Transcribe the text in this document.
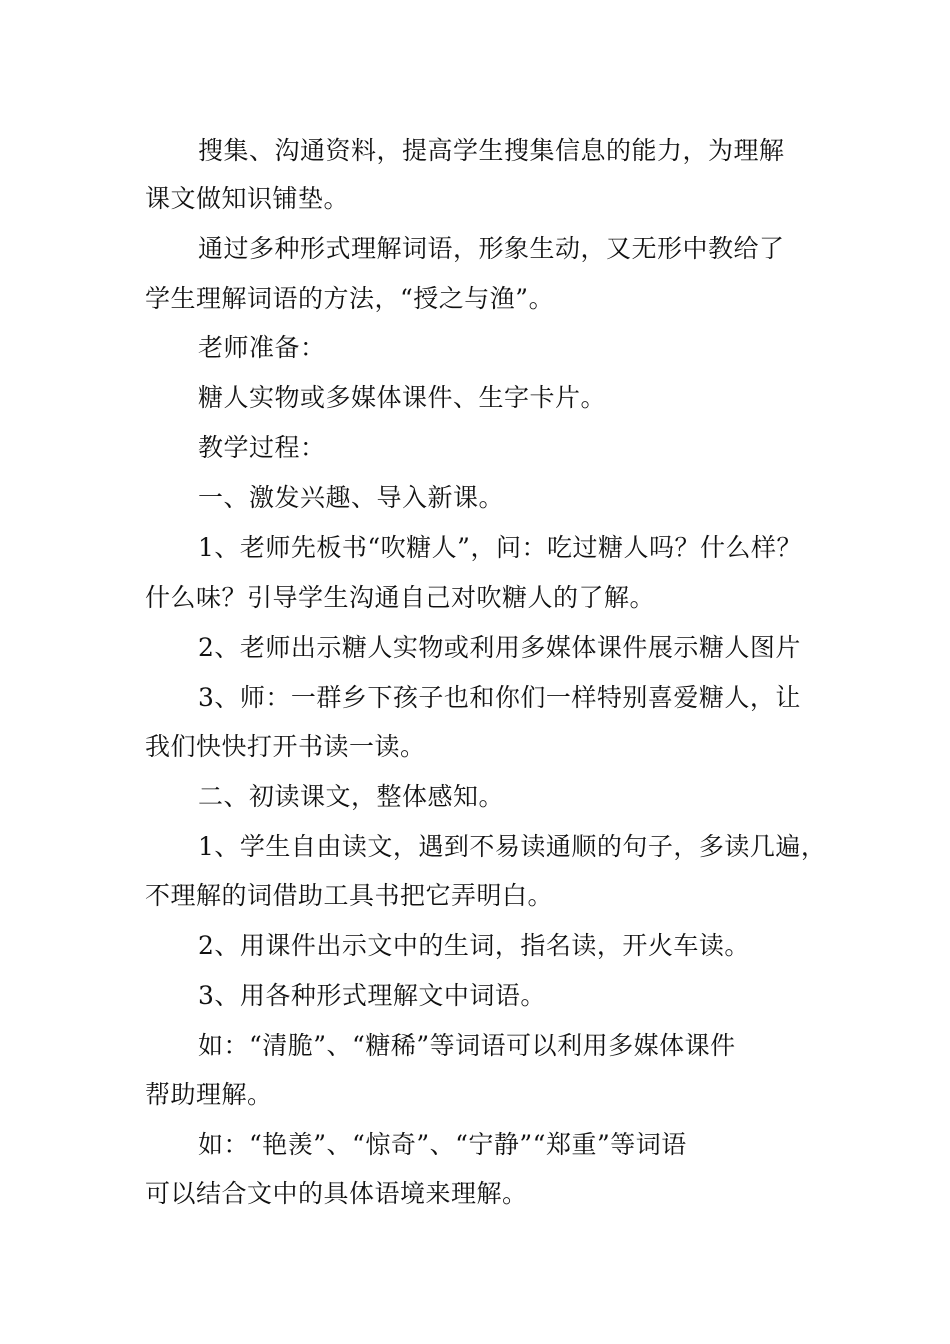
搜集、沟通资料，提高学生搜集信息的能力，为理解
课文做知识铺垫。
通过多种形式理解词语，形象生动，又无形中教给了
学生理解词语的方法，“授之与渔”。
老师准备：
糖人实物或多媒体课件、生字卡片。
教学过程：
一、激发兴趣、导入新课。
1、老师先板书“吹糖人”，问：吃过糖人吗？什么样？
什么味？引导学生沟通自己对吹糖人的了解。
2、老师出示糖人实物或利用多媒体课件展示糖人图片
3、师：一群乡下孩子也和你们一样特别喜爱糖人，让
我们快快打开书读一读。
二、初读课文，整体感知。
1、学生自由读文，遇到不易读通顺的句子，多读几遍，
不理解的词借助工具书把它弄明白。
2、用课件出示文中的生词，指名读，开火车读。
3、用各种形式理解文中词语。
如：“清脆”、“糖稀”等词语可以利用多媒体课件
帮助理解。
如：“艳羡”、“惊奇”、“宁静”“郑重”等词语
可以结合文中的具体语境来理解。
